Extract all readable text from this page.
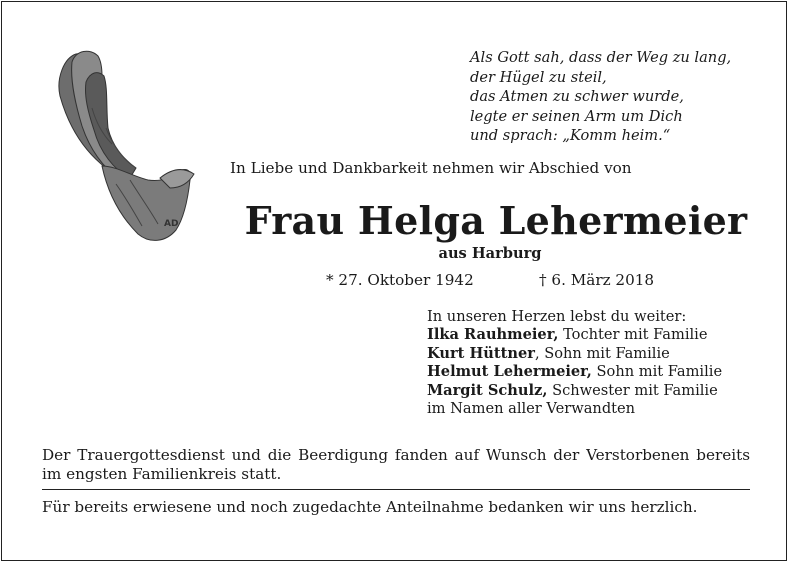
AD
Als Gott sah, dass der Weg zu lang,
der Hügel zu steil,
das Atmen zu schwer wurde,
legte er seinen Arm um Dich
und sprach: „Komm heim.“
In Liebe und Dankbarkeit nehmen wir Abschied von
Frau Helga Lehermeier
aus Harburg
* 27. Oktober 1942	† 6. März 2018
In unseren Herzen lebst du weiter:
Ilka Rauhmeier, Tochter mit Familie
Kurt Hüttner, Sohn mit Familie
Helmut Lehermeier, Sohn mit Familie
Margit Schulz, Schwester mit Familie
im Namen aller Verwandten
Der Trauergottesdienst und die Beerdigung fanden auf Wunsch der Verstorbenen bereits im engsten Familienkreis statt.
Für bereits erwiesene und noch zugedachte Anteilnahme bedanken wir uns herzlich.
